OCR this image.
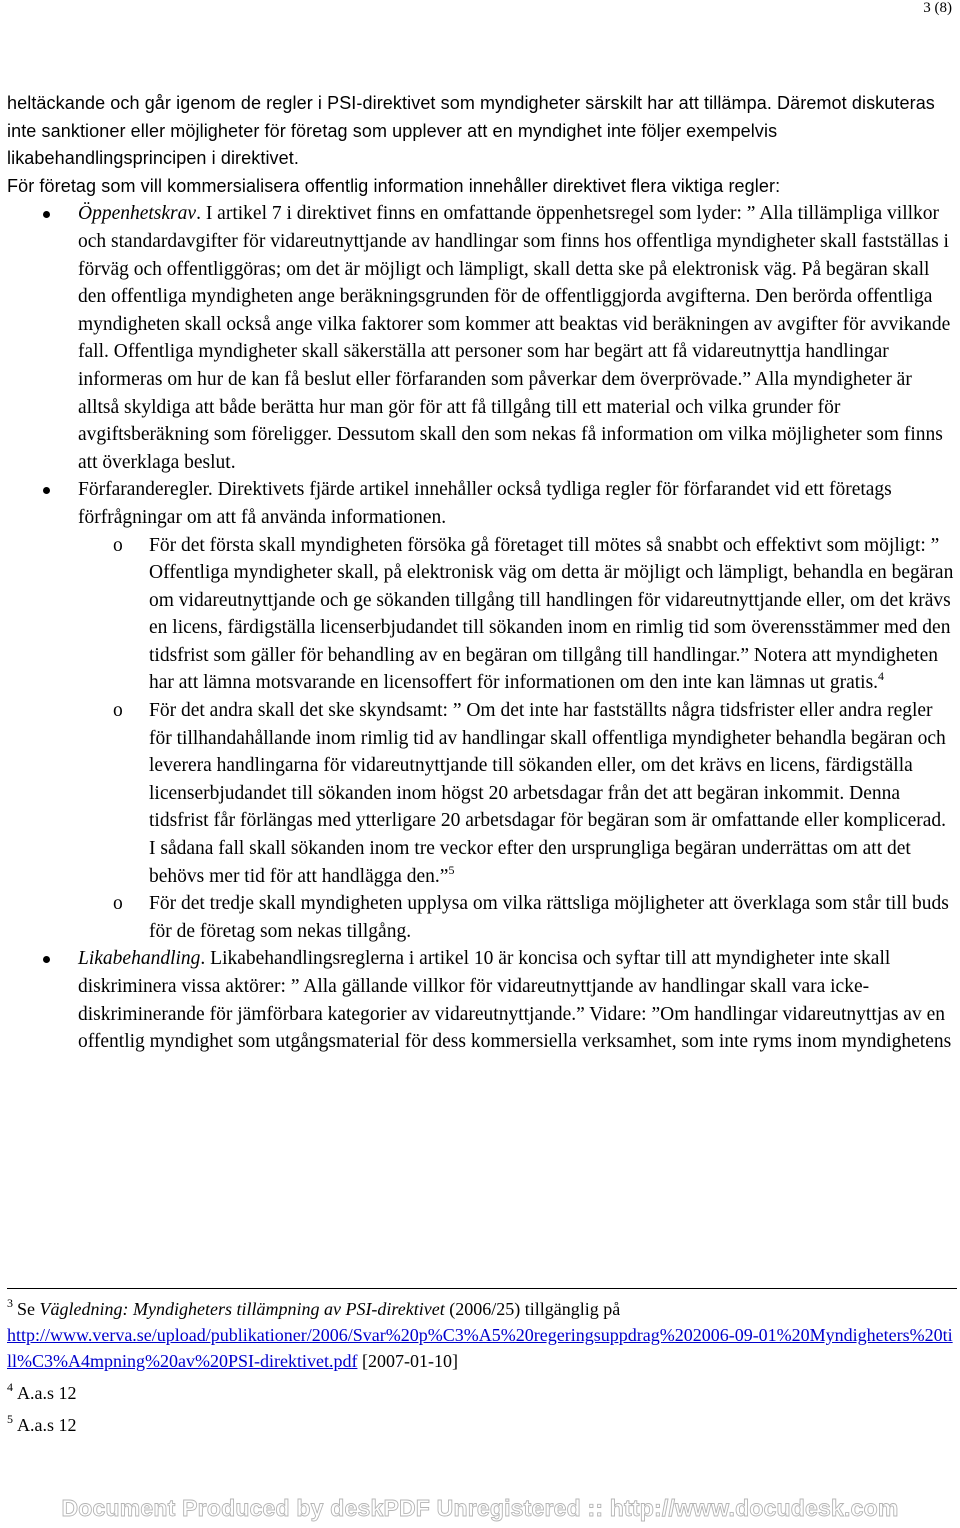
3 (8)

heltäckande och går igenom de regler i PSI-direktivet som myndigheter särskilt har att tillämpa. Däremot diskuteras inte sanktioner eller möjligheter för företag som upplever att en myndighet inte följer exempelvis likabehandlingsprincipen i direktivet.

För företag som vill kommersialisera offentlig information innehåller direktivet flera viktiga regler:

Öppenhetskrav. I artikel 7 i direktivet finns en omfattande öppenhetsregel som lyder: ” Alla tillämpliga villkor och standardavgifter för vidareutnyttjande av handlingar som finns hos offentliga myndigheter skall fastställas i förväg och offentliggöras; om det är möjligt och lämpligt, skall detta ske på elektronisk väg. På begäran skall den offentliga myndigheten ange beräkningsgrunden för de offentliggjorda avgifterna. Den berörda offentliga myndigheten skall också ange vilka faktorer som kommer att beaktas vid beräkningen av avgifter för avvikande fall. Offentliga myndigheter skall säkerställa att personer som har begärt att få vidareutnyttja handlingar informeras om hur de kan få beslut eller förfaranden som påverkar dem överprövade.” Alla myndigheter är alltså skyldiga att både berätta hur man gör för att få tillgång till ett material och vilka grunder för avgiftsberäkning som föreligger. Dessutom skall den som nekas få information om vilka möjligheter som finns att överklaga beslut.
Förfaranderegler. Direktivets fjärde artikel innehåller också tydliga regler för förfarandet vid ett företags förfrågningar om att få använda informationen.
o För det första skall myndigheten försöka gå företaget till mötes så snabbt och effektivt som möjligt: ” Offentliga myndigheter skall, på elektronisk väg om detta är möjligt och lämpligt, behandla en begäran om vidareutnyttjande och ge sökanden tillgång till handlingen för vidareutnyttjande eller, om det krävs en licens, färdigställa licenserbjudandet till sökanden inom en rimlig tid som överensstämmer med den tidsfrist som gäller för behandling av en begäran om tillgång till handlingar.” Notera att myndigheten har att lämna motsvarande en licensoffert för informationen om den inte kan lämnas ut gratis.$^4$
o För det andra skall det ske skyndsamt: ” Om det inte har fastställts några tidsfrister eller andra regler för tillhandahållande inom rimlig tid av handlingar skall offentliga myndigheter behandla begäran och leverera handlingarna för vidareutnyttjande till sökanden eller, om det krävs en licens, färdigställa licenserbjudandet till sökanden inom högst 20 arbetsdagar från det att begäran inkommit. Denna tidsfrist får förlängas med ytterligare 20 arbetsdagar för begäran som är omfattande eller komplicerad. I sådana fall skall sökanden inom tre veckor efter den ursprungliga begäran underrättas om att det behövs mer tid för att handlägga den.”$^5$
o För det tredje skall myndigheten upplysa om vilka rättsliga möjligheter att överklaga som står till buds för de företag som nekas tillgång.
Likabehandling. Likabehandlingsreglerna i artikel 10 är koncisa och syftar till att myndigheter inte skall diskriminera vissa aktörer: ” Alla gällande villkor för vidareutnyttjande av handlingar skall vara icke-diskriminerande för jämförbara kategorier av vidareutnyttjande.” Vidare: ”Om handlingar vidareutnyttjas av en offentlig myndighet som utgångsmaterial för dess kommersiella verksamhet, som inte ryms inom myndighetens

$^3$ Se Vägledning: Myndigheters tillämpning av PSI-direktivet (2006/25) tillgänglig på
http://www.verva.se/upload/publikationer/2006/Svar%20p%C3%A5%20regeringsuppdrag%202006-09-01%20Myndigheters%20till%C3%A4mpning%20av%20PSI-direktivet.pdf [2007-01-10]

$^4$ A.a.s 12

$^5$ A.a.s 12

Document Produced by deskPDF Unregistered :: http://www.docudesk.com
